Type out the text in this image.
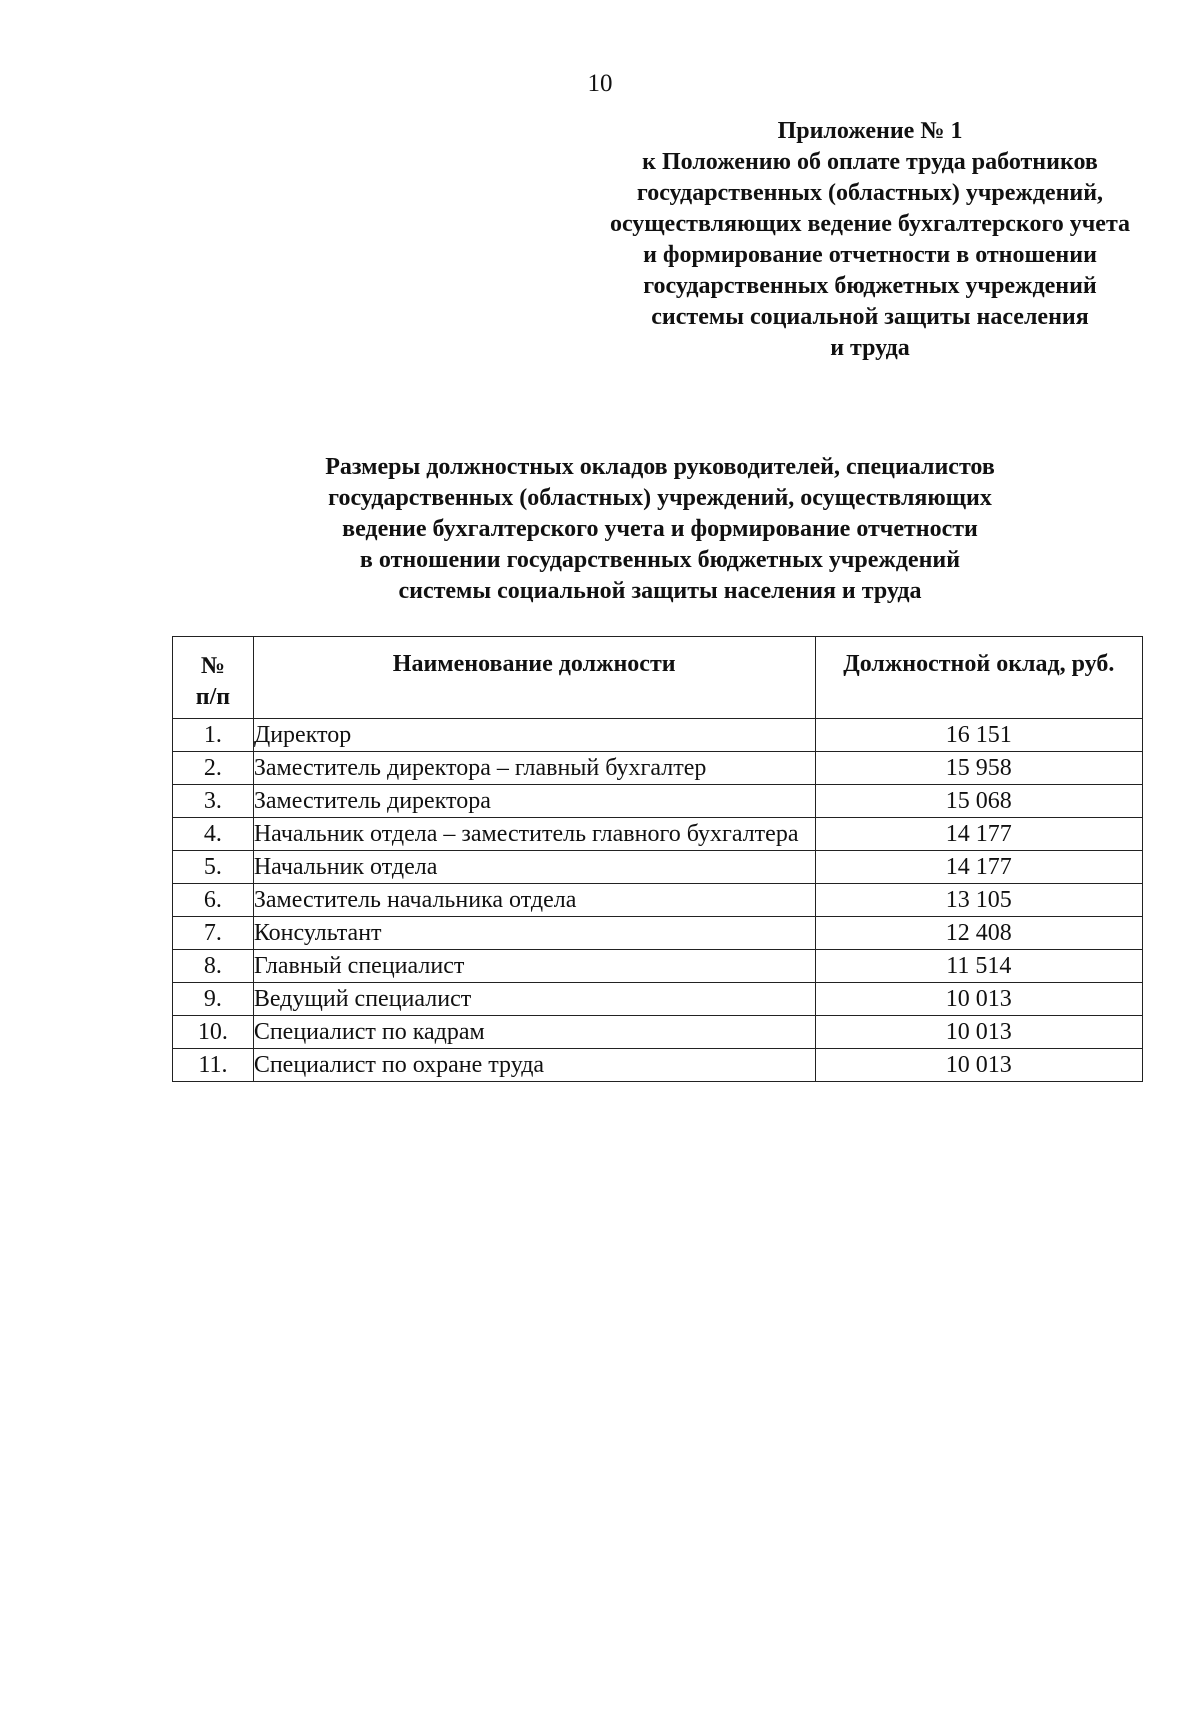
10
Приложение № 1
к Положению об оплате труда работников
государственных (областных) учреждений,
осуществляющих ведение бухгалтерского учета
и формирование отчетности в отношении
государственных бюджетных учреждений
системы социальной защиты населения
и труда
Размеры должностных окладов руководителей, специалистов
государственных (областных) учреждений, осуществляющих
ведение бухгалтерского учета и формирование отчетности
в отношении государственных бюджетных учреждений
системы социальной защиты населения и труда
№
п/п	Наименование должности	Должностной оклад, руб.
1.	Директор	16 151
2.	Заместитель директора – главный бухгалтер	15 958
3.	Заместитель директора	15 068
4.	Начальник отдела – заместитель главного бухгалтера	14 177
5.	Начальник отдела	14 177
6.	Заместитель начальника отдела	13 105
7.	Консультант	12 408
8.	Главный специалист	11 514
9.	Ведущий специалист	10 013
10.	Специалист по кадрам	10 013
11.	Специалист по охране труда	10 013
